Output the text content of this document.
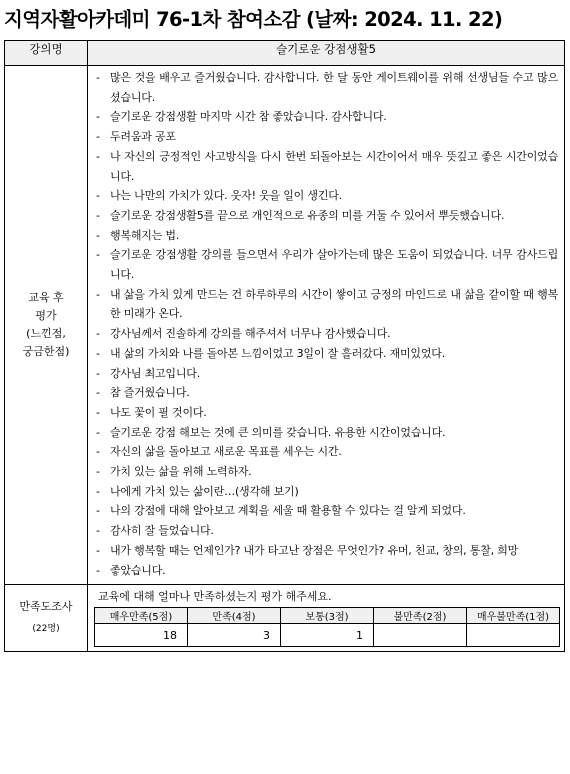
지역자활아카데미 76-1차 참여소감 (날짜: 2024. 11. 22)
강의명	슬기로운 강점생활5

교육 후
평가
(느낀점,
궁금한점)

- 많은 것을 배우고 즐거웠습니다. 감사합니다. 한 달 동안 게이트웨이를 위해 선생님들 수고 많으셨습니다.
- 슬기로운 강점생활 마지막 시간 참 좋았습니다. 감사합니다.
- 두려움과 공포
- 나 자신의 긍정적인 사고방식을 다시 한번 되돌아보는 시간이어서 매우 뜻깊고 좋은 시간이었습니다.
- 나는 나만의 가치가 있다. 웃자! 웃을 일이 생긴다.
- 슬기로운 강점생활5를 끝으로 개인적으로 유종의 미를 거둘 수 있어서 뿌듯했습니다.
- 행복해지는 법.
- 슬기로운 강점생활 강의를 들으면서 우리가 살아가는데 많은 도움이 되었습니다. 너무 감사드립니다.
- 내 삶을 가치 있게 만드는 건 하루하루의 시간이 쌓이고 긍정의 마인드로 내 삶을 같이할 때 행복한 미래가 온다.
- 강사님께서 진솔하게 강의를 해주셔서 너무나 감사했습니다.
- 내 삶의 가치와 나를 돌아본 느낌이었고 3일이 잘 흘러갔다. 재미있었다.
- 강사님 최고입니다.
- 참 즐거웠습니다.
- 나도 꽃이 필 것이다.
- 슬기로운 강점 해보는 것에 큰 의미를 갖습니다. 유용한 시간이었습니다.
- 자신의 삶을 돌아보고 새로운 목표를 세우는 시간.
- 가치 있는 삶을 위해 노력하자.
- 나에게 가치 있는 삶이란…(생각해 보기)
- 나의 강점에 대해 알아보고 계획을 세울 때 활용할 수 있다는 걸 알게 되었다.
- 감사히 잘 들었습니다.
- 내가 행복할 때는 언제인가? 내가 타고난 장점은 무엇인가? 유머, 친교, 창의, 통찰, 희망
- 좋았습니다.

만족도조사
(22명)

교육에 대해 얼마나 만족하셨는지 평가 해주세요.
매우만족(5점)	만족(4점)	보통(3점)	불만족(2점)	매우불만족(1점)
18	3	1		
